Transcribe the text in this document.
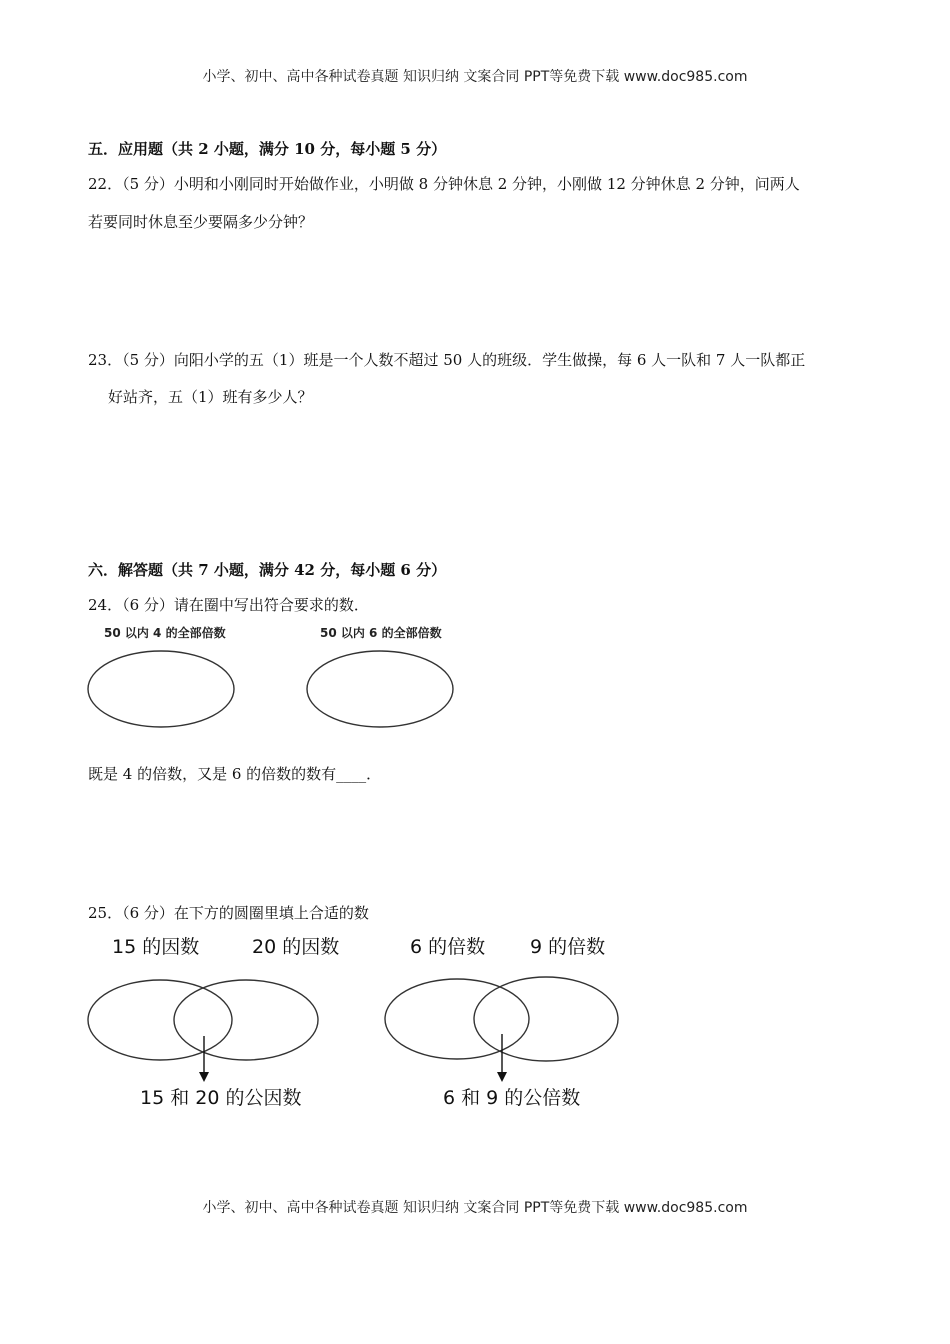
小学、初中、高中各种试卷真题 知识归纳 文案合同 PPT等免费下载 www.doc985.com
五．应用题（共 2 小题，满分 10 分，每小题 5 分）
22．（5 分）小明和小刚同时开始做作业，小明做 8 分钟休息 2 分钟，小刚做 12 分钟休息 2 分钟，问两人
若要同时休息至少要隔多少分钟？
23．（5 分）向阳小学的五（1）班是一个人数不超过 50 人的班级．学生做操，每 6 人一队和 7 人一队都正
好站齐，五（1）班有多少人？
六．解答题（共 7 小题，满分 42 分，每小题 6 分）
24．（6 分）请在圈中写出符合要求的数．
50 以内 4 的全部倍数	50 以内 6 的全部倍数
既是 4 的倍数，又是 6 的倍数的数有____．
25．（6 分）在下方的圆圈里填上合适的数
15 的因数	20 的因数
15 和 20 的公因数
6 的倍数 9 的倍数
6 和 9 的公倍数
小学、初中、高中各种试卷真题 知识归纳 文案合同 PPT等免费下载 www.doc985.com
